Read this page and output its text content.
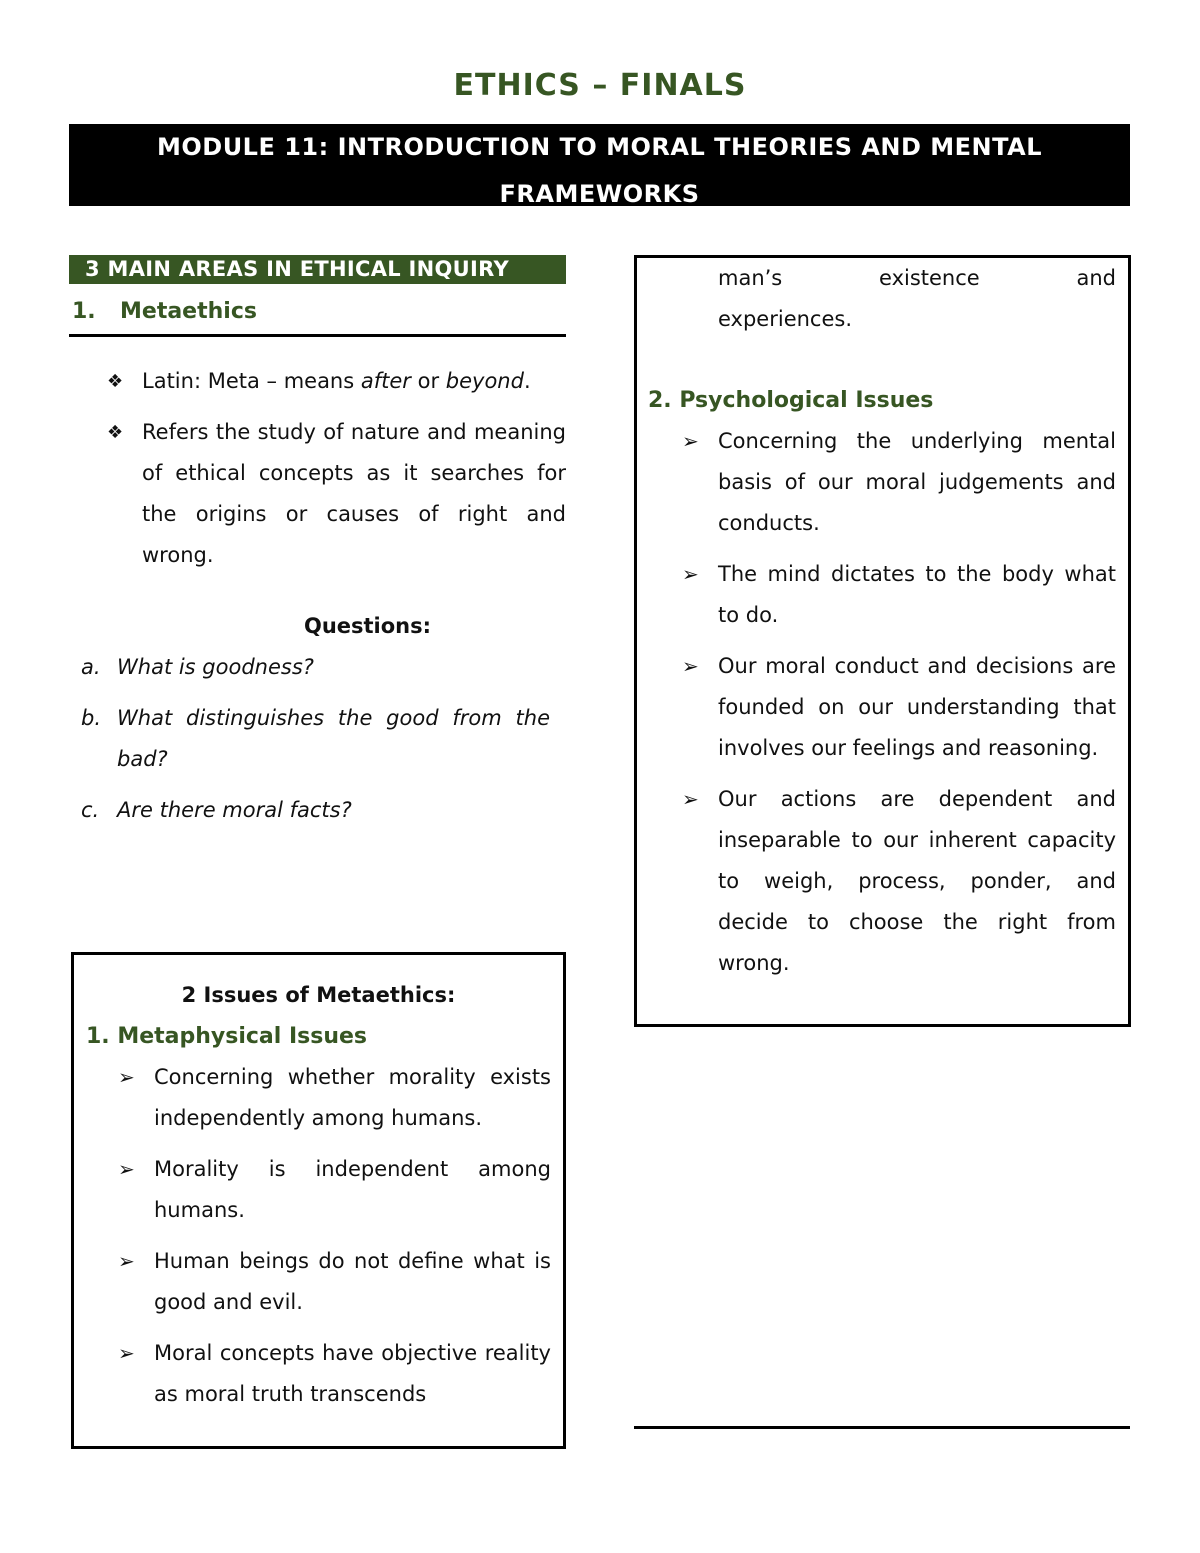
ETHICS – FINALS
MODULE 11: INTRODUCTION TO MORAL THEORIES AND MENTAL
FRAMEWORKS
3 MAIN AREAS IN ETHICAL INQUIRY
1. Metaethics
❖ Latin: Meta – means after or beyond.
❖ Refers the study of nature and meaning of ethical concepts as it searches for the origins or causes of right and wrong.
Questions:
a. What is goodness?
b. What distinguishes the good from the bad?
c. Are there moral facts?
2 Issues of Metaethics:
1. Metaphysical Issues
➢ Concerning whether morality exists independently among humans.
➢ Morality is independent among humans.
➢ Human beings do not define what is good and evil.
➢ Moral concepts have objective reality as moral truth transcends
man’s existence and
experiences.
2. Psychological Issues
➢ Concerning the underlying mental basis of our moral judgements and conducts.
➢ The mind dictates to the body what to do.
➢ Our moral conduct and decisions are founded on our understanding that involves our feelings and reasoning.
➢ Our actions are dependent and inseparable to our inherent capacity to weigh, process, ponder, and decide to choose the right from wrong.
